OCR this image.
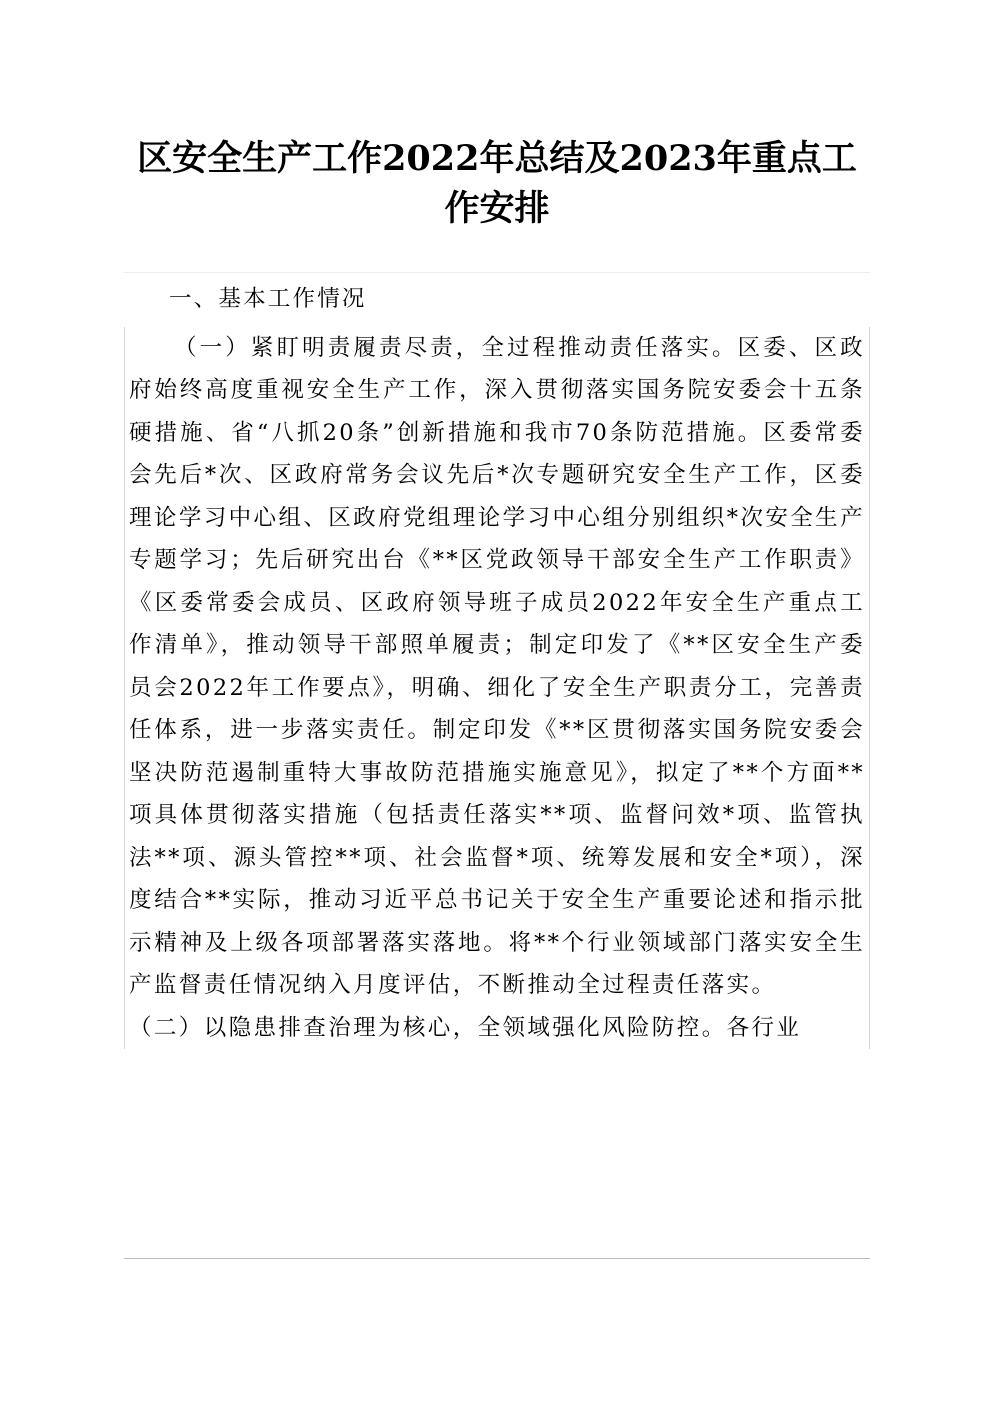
区安全生产工作2022年总结及2023年重点工作安排

一、基本工作情况

（一）紧盯明责履责尽责，全过程推动责任落实。区委、区政府始终高度重视安全生产工作，深入贯彻落实国务院安委会十五条硬措施、省“八抓20条”创新措施和我市70条防范措施。区委常委会先后*次、区政府常务会议先后*次专题研究安全生产工作，区委理论学习中心组、区政府党组理论学习中心组分别组织*次安全生产专题学习；先后研究出台《**区党政领导干部安全生产工作职责》《区委常委会成员、区政府领导班子成员2022年安全生产重点工作清单》，推动领导干部照单履责；制定印发了《**区安全生产委员会2022年工作要点》，明确、细化了安全生产职责分工，完善责任体系，进一步落实责任。制定印发《**区贯彻落实国务院安委会坚决防范遏制重特大事故防范措施实施意见》，拟定了**个方面**项具体贯彻落实措施（包括责任落实**项、监督问效*项、监管执法**项、源头管控**项、社会监督*项、统筹发展和安全*项），深度结合**实际，推动习近平总书记关于安全生产重要论述和指示批示精神及上级各项部署落实落地。将**个行业领域部门落实安全生产监督责任情况纳入月度评估，不断推动全过程责任落实。

（二）以隐患排查治理为核心，全领域强化风险防控。各行业
